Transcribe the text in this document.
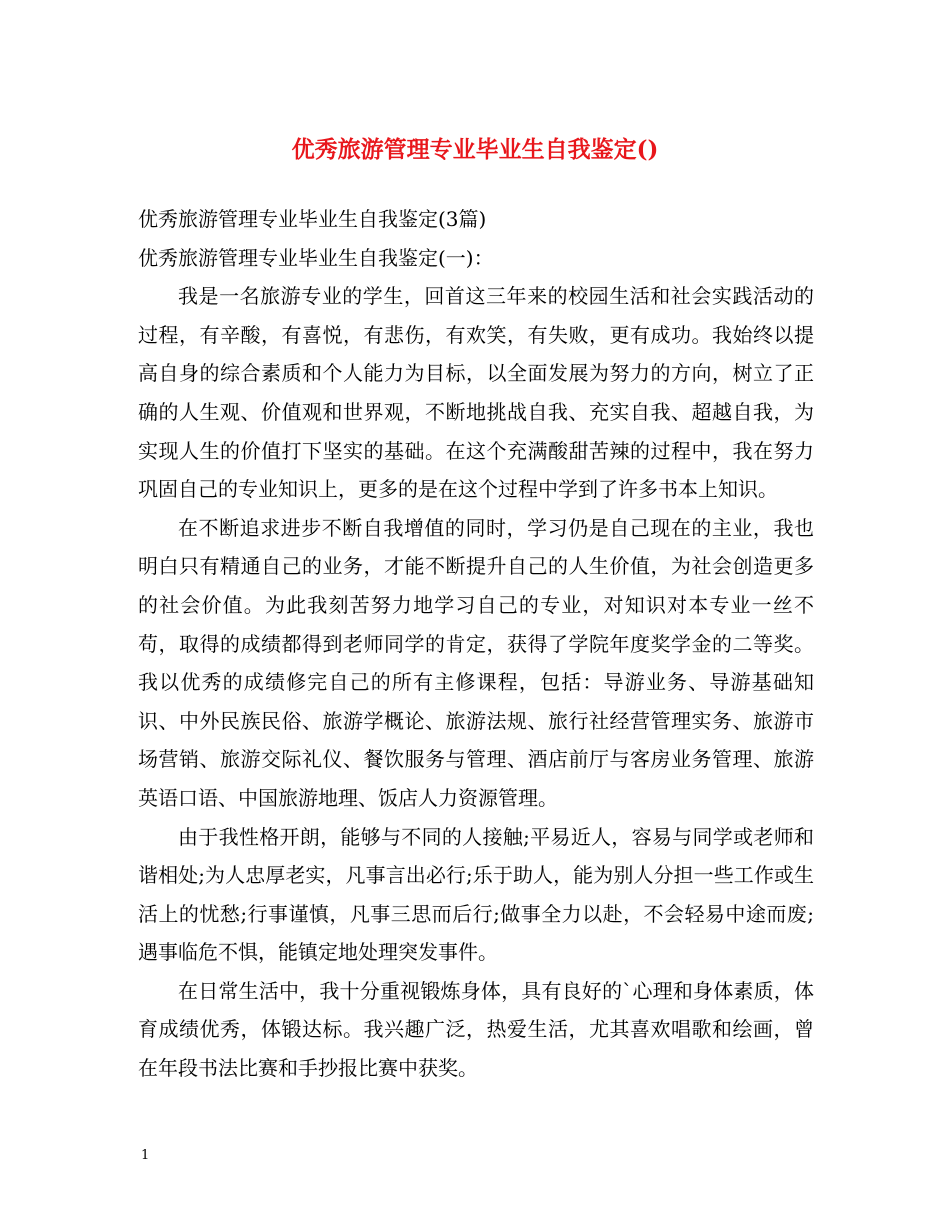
优秀旅游管理专业毕业生自我鉴定()

优秀旅游管理专业毕业生自我鉴定(3篇)

优秀旅游管理专业毕业生自我鉴定(一)：

我是一名旅游专业的学生，回首这三年来的校园生活和社会实践活动的过程，有辛酸，有喜悦，有悲伤，有欢笑，有失败，更有成功。我始终以提高自身的综合素质和个人能力为目标，以全面发展为努力的方向，树立了正确的人生观、价值观和世界观，不断地挑战自我、充实自我、超越自我，为实现人生的价值打下坚实的基础。在这个充满酸甜苦辣的过程中，我在努力巩固自己的专业知识上，更多的是在这个过程中学到了许多书本上知识。

在不断追求进步不断自我增值的同时，学习仍是自己现在的主业，我也明白只有精通自己的业务，才能不断提升自己的人生价值，为社会创造更多的社会价值。为此我刻苦努力地学习自己的专业，对知识对本专业一丝不苟，取得的成绩都得到老师同学的肯定，获得了学院年度奖学金的二等奖。我以优秀的成绩修完自己的所有主修课程，包括：导游业务、导游基础知识、中外民族民俗、旅游学概论、旅游法规、旅行社经营管理实务、旅游市场营销、旅游交际礼仪、餐饮服务与管理、酒店前厅与客房业务管理、旅游英语口语、中国旅游地理、饭店人力资源管理。

由于我性格开朗，能够与不同的人接触;平易近人，容易与同学或老师和谐相处;为人忠厚老实，凡事言出必行;乐于助人，能为别人分担一些工作或生活上的忧愁;行事谨慎，凡事三思而后行;做事全力以赴，不会轻易中途而废;遇事临危不惧，能镇定地处理突发事件。

在日常生活中，我十分重视锻炼身体，具有良好的`心理和身体素质，体育成绩优秀，体锻达标。我兴趣广泛，热爱生活，尤其喜欢唱歌和绘画，曾在年段书法比赛和手抄报比赛中获奖。

1
